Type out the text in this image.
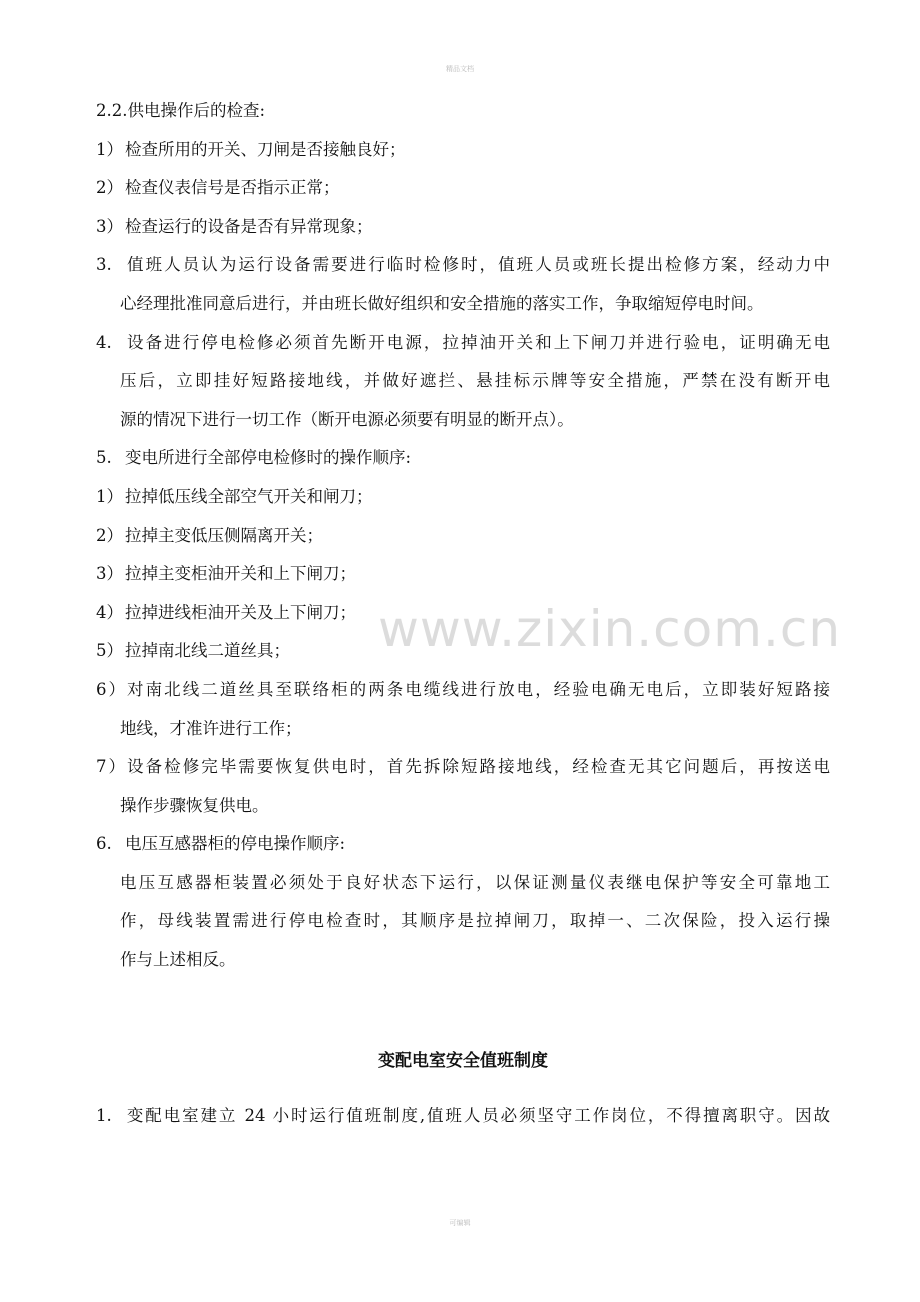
精品文档
www.zixin.com.cn
2.2.供电操作后的检查:
1） 检查所用的开关、刀闸是否接触良好；
2） 检查仪表信号是否指示正常；
3） 检查运行的设备是否有异常现象；
3. 值班人员认为运行设备需要进行临时检修时，值班人员或班长提出检修方案，经动力中
心经理批准同意后进行，并由班长做好组织和安全措施的落实工作，争取缩短停电时间。
4. 设备进行停电检修必须首先断开电源，拉掉油开关和上下闸刀并进行验电，证明确无电
压后，立即挂好短路接地线，并做好遮拦、悬挂标示牌等安全措施，严禁在没有断开电
源的情况下进行一切工作（断开电源必须要有明显的断开点）。
5. 变电所进行全部停电检修时的操作顺序:
1） 拉掉低压线全部空气开关和闸刀；
2） 拉掉主变低压侧隔离开关；
3） 拉掉主变柜油开关和上下闸刀；
4） 拉掉进线柜油开关及上下闸刀；
5） 拉掉南北线二道丝具；
6）对南北线二道丝具至联络柜的两条电缆线进行放电，经验电确无电后，立即装好短路接
地线，才准许进行工作；
7）设备检修完毕需要恢复供电时，首先拆除短路接地线，经检查无其它问题后，再按送电
操作步骤恢复供电。
6. 电压互感器柜的停电操作顺序:
电压互感器柜装置必须处于良好状态下运行，以保证测量仪表继电保护等安全可靠地工
作，母线装置需进行停电检查时，其顺序是拉掉闸刀，取掉一、二次保险，投入运行操
作与上述相反。
变配电室安全值班制度
1. 变配电室建立 24 小时运行值班制度,值班人员必须坚守工作岗位，不得擅离职守。因故
可编辑
